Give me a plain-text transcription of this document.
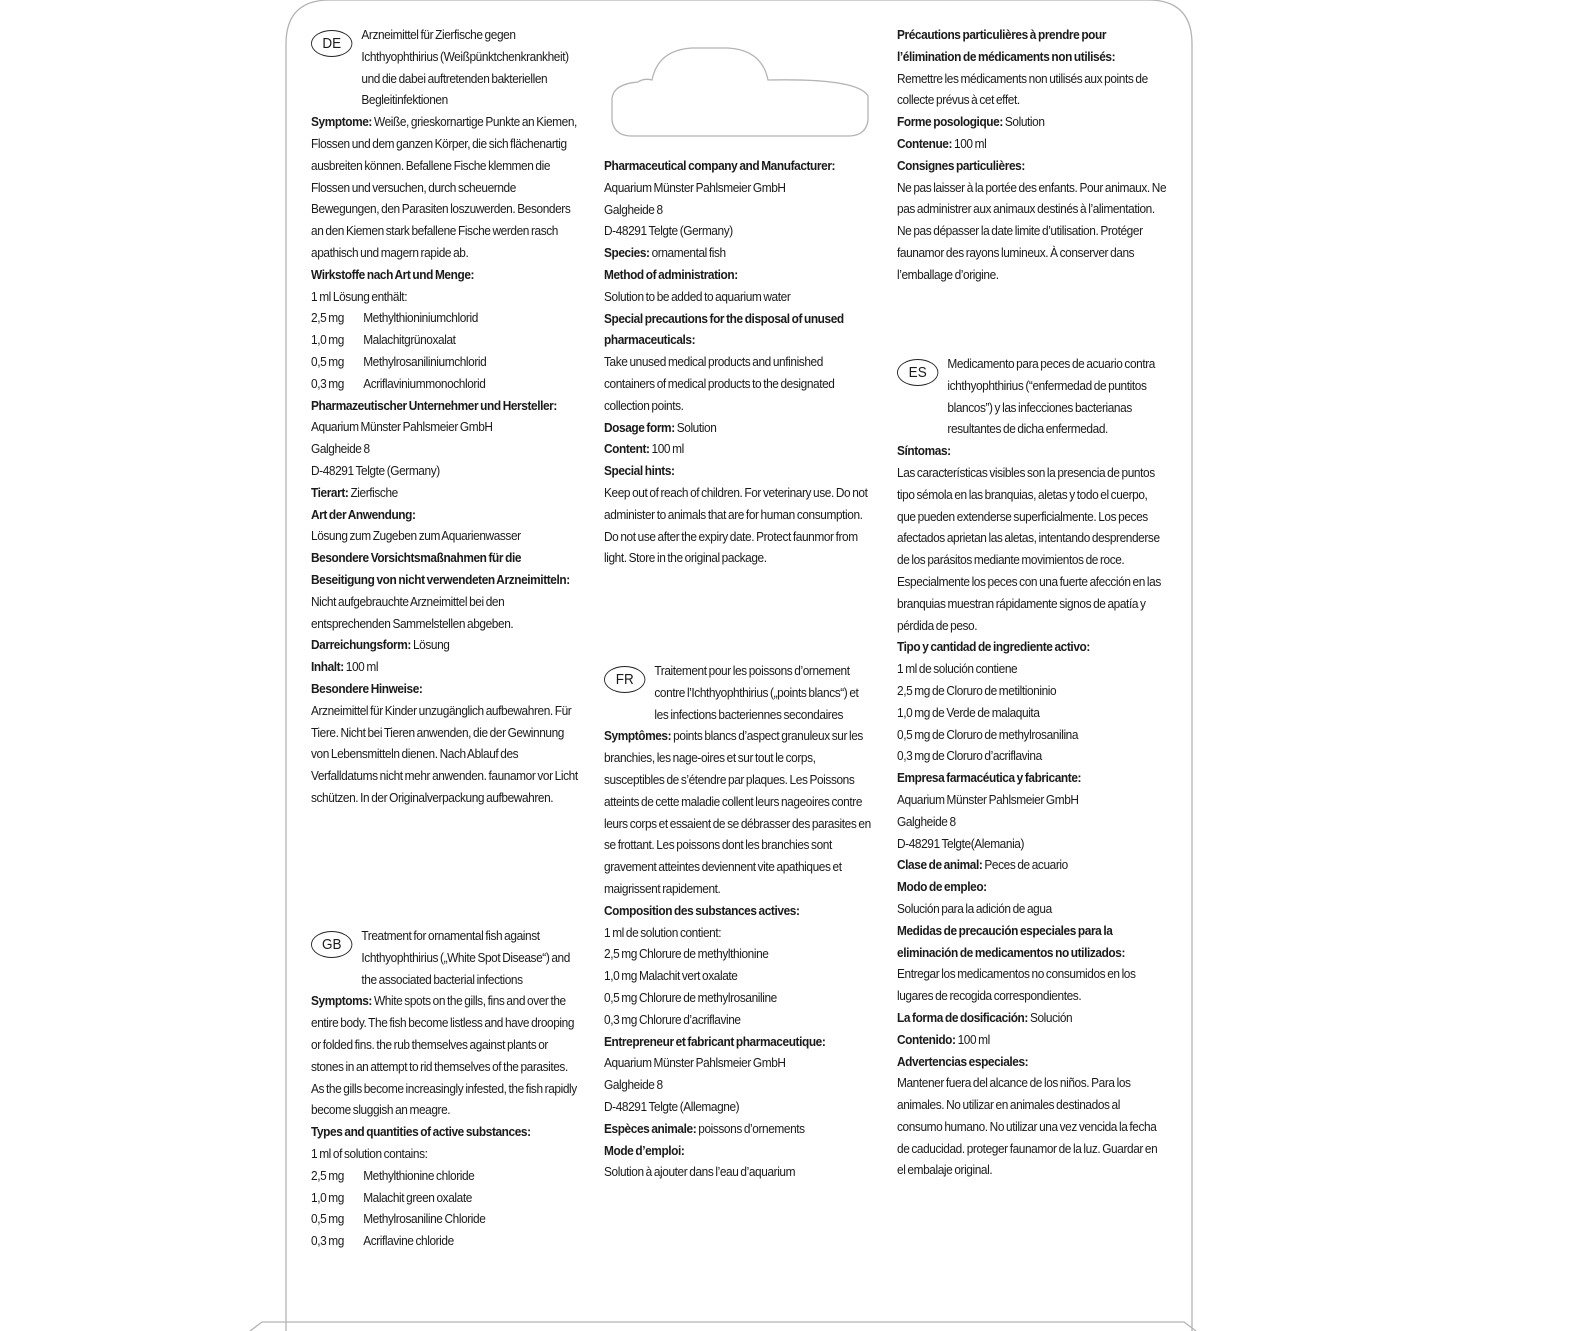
DE

Arzneimittel für Zierfische gegen Ichthyophthirius (Weißpünktchenkrankheit) und die dabei auftretenden bakteriellen Begleitinfektionen

Symptome: Weiße, grieskornartige Punkte an Kiemen, Flossen und dem ganzen Körper, die sich flächenartig ausbreiten können. Befallene Fische klemmen die Flossen und versuchen, durch scheuernde Bewegungen, den Parasiten loszuwerden. Besonders an den Kiemen stark befallene Fische werden rasch apathisch und magern rapide ab.

Wirkstoffe nach Art und Menge:

1 ml Lösung enthält:

2,5 mg	Methylthioniniumchlorid
1,0 mg	Malachitgrünoxalat
0,5 mg	Methylrosaniliniumchlorid
0,3 mg	Acriflaviniummonochlorid

Pharmazeutischer Unternehmer und Hersteller:

Aquarium Münster Pahlsmeier GmbH

Galgheide 8

D-48291 Telgte (Germany)

Tierart: Zierfische

Art der Anwendung:

Lösung zum Zugeben zum Aquarienwasser

Besondere Vorsichtsmaßnahmen für die Beseitigung von nicht verwendeten Arzneimitteln:

Nicht aufgebrauchte Arzneimittel bei den entsprechenden Sammelstellen abgeben.

Darreichungsform: Lösung

Inhalt: 100 ml

Besondere Hinweise:

Arzneimittel für Kinder unzugänglich aufbewahren. Für Tiere. Nicht bei Tieren anwenden, die der Gewinnung von Lebensmitteln dienen. Nach Ablauf des Verfalldatums nicht mehr anwenden. faunamor vor Licht schützen. In der Originalverpackung aufbewahren.

GB

Treatment for ornamental fish against Ichthyophthirius („White Spot Disease“) and the associated bacterial infections

Symptoms: White spots on the gills, fins and over the entire body. The fish become listless and have drooping or folded fins. the rub themselves against plants or stones in an attempt to rid themselves of the parasites. As the gills become increasingly infested, the fish rapidly become sluggish an meagre.

Types and quantities of active substances:

1 ml of solution contains:

2,5 mg	Methylthionine chloride
1,0 mg	Malachit green oxalate
0,5 mg	Methylrosaniline Chloride
0,3 mg	Acriflavine chloride

Pharmaceutical company and Manufacturer:

Aquarium Münster Pahlsmeier GmbH

Galgheide 8

D-48291 Telgte (Germany)

Species: ornamental fish

Method of administration:

Solution to be added to aquarium water

Special precautions for the disposal of unused pharmaceuticals:

Take unused medical products and unfinished containers of medical products to the designated collection points.

Dosage form: Solution

Content: 100 ml

Special hints:

Keep out of reach of children. For veterinary use. Do not administer to animals that are for human consumption. Do not use after the expiry date. Protect faunmor from light. Store in the original package.

FR

Traitement pour les poissons d’ornement contre l’Ichthyophthirius („points blancs“) et les infections bacteriennes secondaires

Symptômes: points blancs d’aspect granuleux sur les branchies, les nage-oires et sur tout le corps, susceptibles de s’étendre par plaques. Les Poissons atteints de cette maladie collent leurs nageoires contre leurs corps et essaient de se débrasser des parasites en se frottant. Les poissons dont les branchies sont gravement atteintes deviennent vite apathiques et maigrissent rapidement.

Composition des substances actives:

1 ml de solution contient:

2,5 mg Chlorure de methylthionine

1,0 mg Malachit vert oxalate

0,5 mg Chlorure de methylrosaniline

0,3 mg Chlorure d’acriflavine

Entrepreneur et fabricant pharmaceutique:

Aquarium Münster Pahlsmeier GmbH

Galgheide 8

D-48291 Telgte (Allemagne)

Espèces animale: poissons d’ornements

Mode d’emploi:

Solution à ajouter dans l’eau d’aquarium

Précautions particulières à prendre pour l’élimination de médicaments non utilisés:

Remettre les médicaments non utilisés aux points de collecte prévus à cet effet.

Forme posologique: Solution

Contenue: 100 ml

Consignes particulières:

Ne pas laisser à la portée des enfants. Pour animaux. Ne pas administrer aux animaux destinés à l’alimentation. Ne pas dépasser la date limite d’utilisation. Protéger faunamor des rayons lumineux. À conserver dans l’emballage d’origine.

ES

Medicamento para peces de acuario contra ichthyophthirius (“enfermedad de puntitos blancos”) y las infecciones bacterianas resultantes de dicha enfermedad.

Síntomas:

Las características visibles son la presencia de puntos tipo sémola en las branquias, aletas y todo el cuerpo, que pueden extenderse superficialmente. Los peces afectados aprietan las aletas, intentando desprenderse de los parásitos mediante movimientos de roce. Especialmente los peces con una fuerte afección en las branquias muestran rápidamente signos de apatía y pérdida de peso.

Tipo y cantidad de ingrediente activo:

1 ml de solución contiene

2,5 mg de Cloruro de metiltioninio

1,0 mg de Verde de malaquita

0,5 mg de Cloruro de methylrosanilina

0,3 mg de Cloruro d’acriflavina

Empresa farmacéutica y fabricante:

Aquarium Münster Pahlsmeier GmbH

Galgheide 8

D-48291 Telgte(Alemania)

Clase de animal: Peces de acuario

Modo de empleo:

Solución para la adición de agua

Medidas de precaución especiales para la eliminación de medicamentos no utilizados:

Entregar los medicamentos no consumidos en los lugares de recogida correspondientes.

La forma de dosificación: Solución

Contenido: 100 ml

Advertencias especiales:

Mantener fuera del alcance de los niños. Para los animales. No utilizar en animales destinados al consumo humano. No utilizar una vez vencida la fecha de caducidad. proteger faunamor de la luz. Guardar en el embalaje original.
